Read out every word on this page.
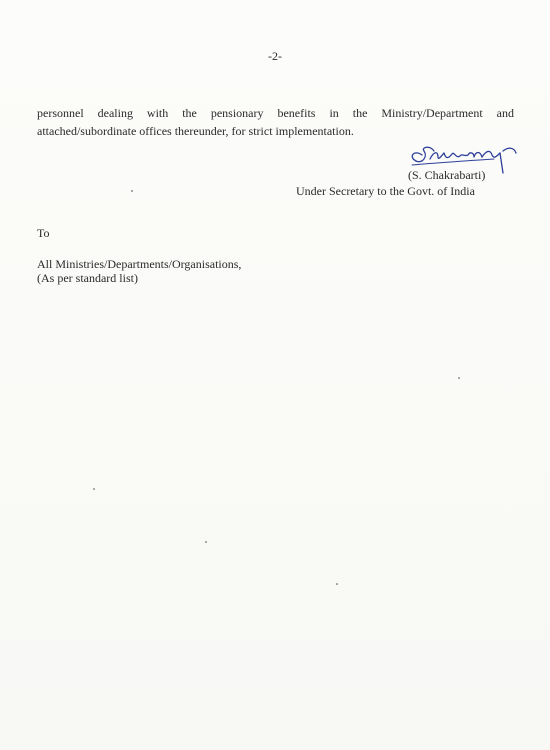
-2-
personnel dealing with the pensionary benefits in the Ministry/Department and
attached/subordinate offices thereunder, for strict implementation.
(S. Chakrabarti)
Under Secretary to the Govt. of India
To
All Ministries/Departments/Organisations,
(As per standard list)
